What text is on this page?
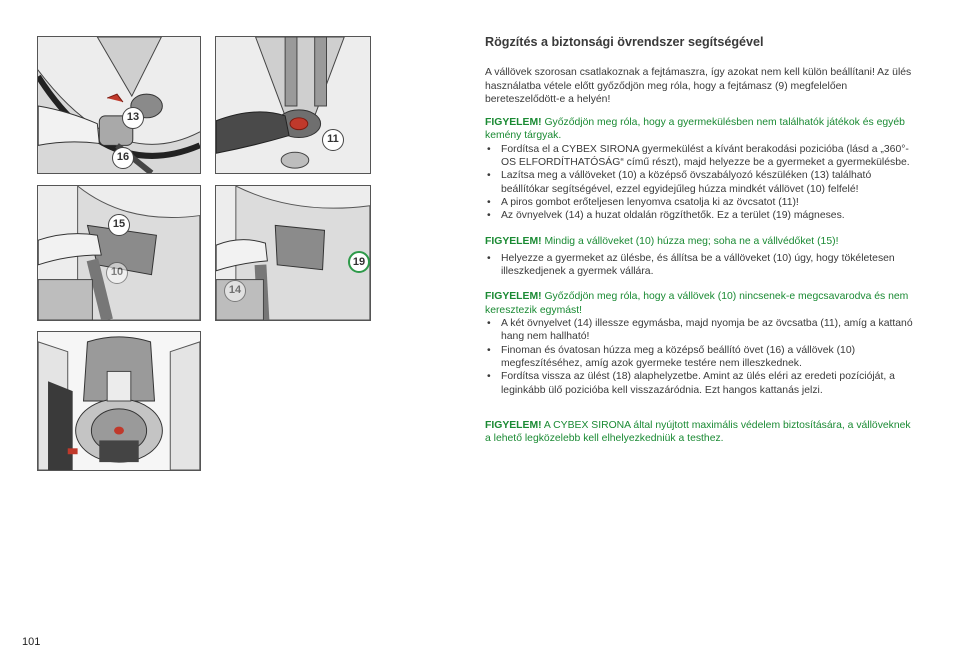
13
16
11
15
10
19
14
Rögzítés a biztonsági övrendszer segítségével

A vállövek szorosan csatlakoznak a fejtámaszra, így azokat nem kell külön beállítani! Az ülés használatba vétele előtt győződjön meg róla, hogy a fejtámasz (9) megfelelően bereteszelődött-e a helyén!

FIGYELEM! Győződjön meg róla, hogy a gyermekülésben nem találhatók játékok és egyéb kemény tárgyak.

• Fordítsa el a CYBEX SIRONA gyermekülést a kívánt berakodási pozicióba (lásd a „360°-OS ELFORDÍTHATÓSÁG“ című részt), majd helyezze be a gyermeket a gyermekülésbe.
• Lazítsa meg a vállöveket (10) a középső övszabályozó készüléken (13) található beállítókar segítségével, ezzel egyidejűleg húzza mindkét vállövet (10) felfelé!
• A piros gombot erőteljesen lenyomva csatolja ki az övcsatot (11)!
• Az övnyelvek (14) a huzat oldalán rögzíthetők. Ez a terület (19) mágneses.

FIGYELEM! Mindig a vállöveket (10) húzza meg; soha ne a vállvédőket (15)!

• Helyezze a gyermeket az ülésbe, és állítsa be a vállöveket (10) úgy, hogy tökéletesen illeszkedjenek a gyermek vállára.

FIGYELEM! Győződjön meg róla, hogy a vállövek (10) nincsenek-e megcsavarodva és nem keresztezik egymást!

• A két övnyelvet (14) illessze egymásba, majd nyomja be az övcsatba (11), amíg a kattanó hang nem hallható!
• Finoman és óvatosan húzza meg a középső beállító övet (16) a vállövek (10) megfeszítéséhez, amíg azok gyermeke testére nem illeszkednek.
• Fordítsa vissza az ülést (18) alaphelyzetbe. Amint az ülés eléri az eredeti pozícióját, a leginkább ülő pozicióba kell visszazáródnia. Ezt hangos kattanás jelzi.

FIGYELEM! A CYBEX SIRONA által nyújtott maximális védelem biztosítására, a vállöveknek a lehető legközelebb kell elhelyezkedniük a testhez.

101
